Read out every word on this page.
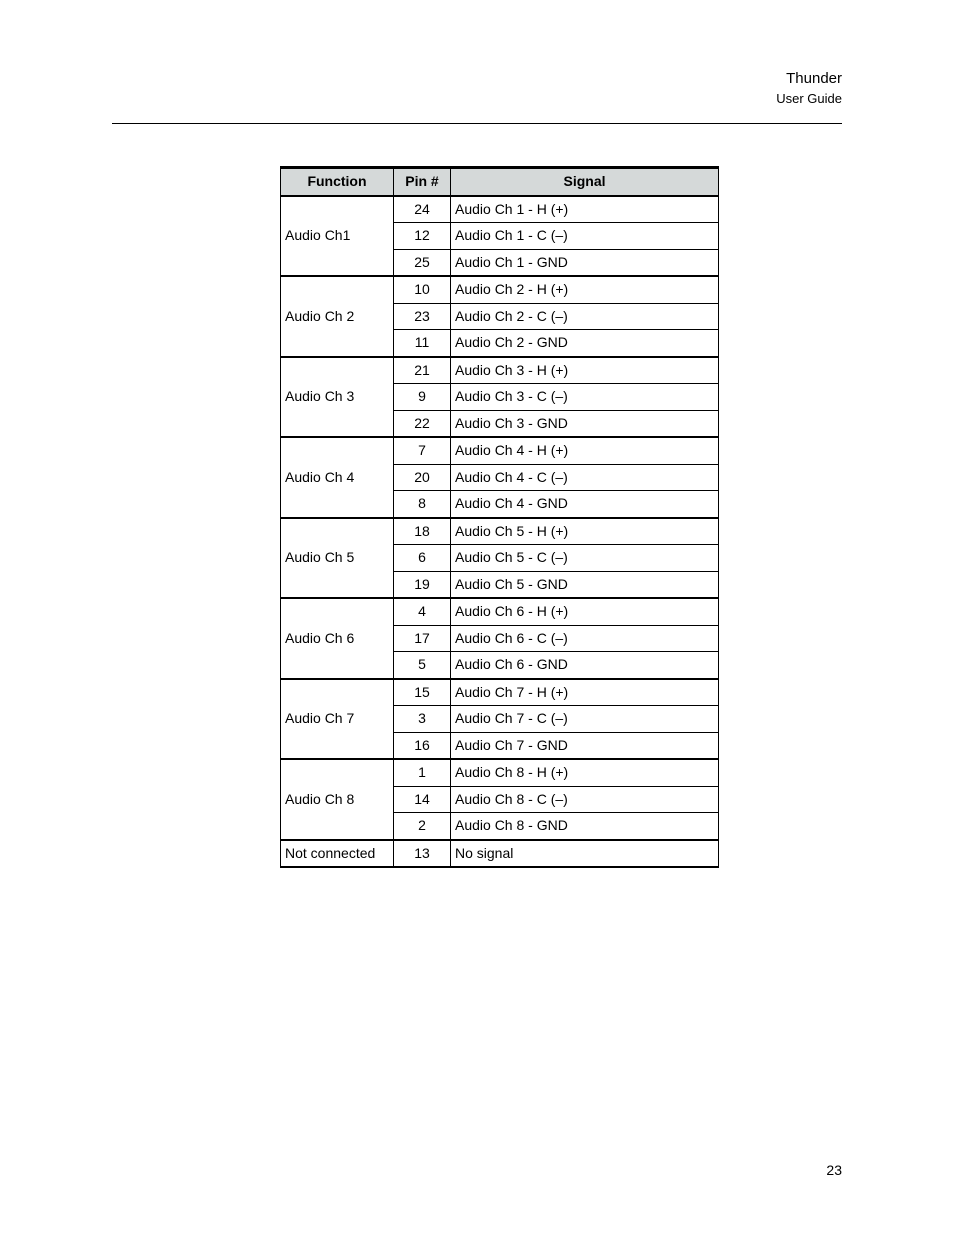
Thunder
User Guide
Function	Pin #	Signal
Audio Ch1	24	Audio Ch 1 - H (+)
	12	Audio Ch 1 - C (–)
	25	Audio Ch 1 - GND
Audio Ch 2	10	Audio Ch 2 - H (+)
	23	Audio Ch 2 - C (–)
	11	Audio Ch 2 - GND
Audio Ch 3	21	Audio Ch 3 - H (+)
	9	Audio Ch 3 - C (–)
	22	Audio Ch 3 - GND
Audio Ch 4	7	Audio Ch 4 - H (+)
	20	Audio Ch 4 - C (–)
	8	Audio Ch 4 - GND
Audio Ch 5	18	Audio Ch 5 - H (+)
	6	Audio Ch 5 - C (–)
	19	Audio Ch 5 - GND
Audio Ch 6	4	Audio Ch 6 - H (+)
	17	Audio Ch 6 - C (–)
	5	Audio Ch 6 - GND
Audio Ch 7	15	Audio Ch 7 - H (+)
	3	Audio Ch 7 - C (–)
	16	Audio Ch 7 - GND
Audio Ch 8	1	Audio Ch 8 - H (+)
	14	Audio Ch 8 - C (–)
	2	Audio Ch 8 - GND
Not connected	13	No signal
23
